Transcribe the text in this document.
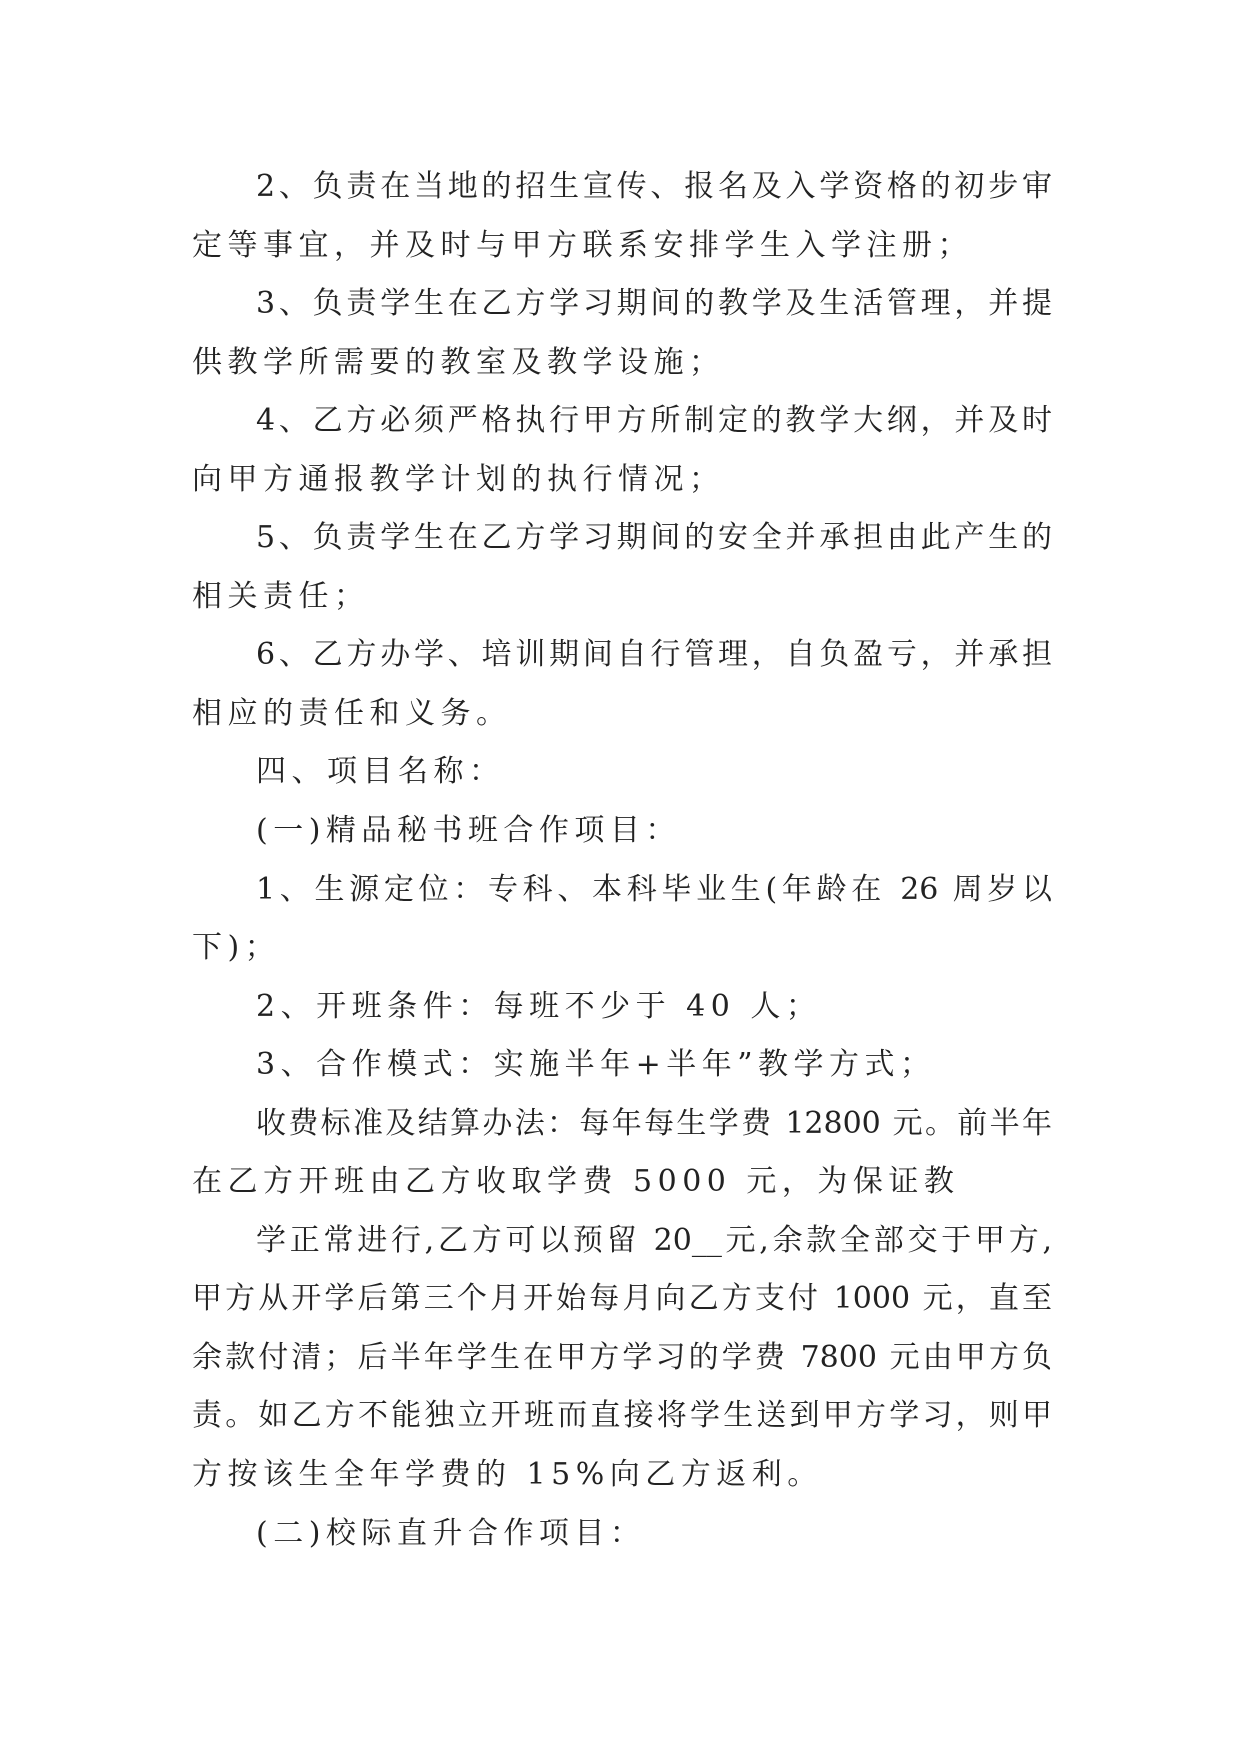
2、负责在当地的招生宣传、报名及入学资格的初步审
定等事宜，并及时与甲方联系安排学生入学注册；
3、负责学生在乙方学习期间的教学及生活管理，并提
供教学所需要的教室及教学设施；
4、乙方必须严格执行甲方所制定的教学大纲，并及时
向甲方通报教学计划的执行情况；
5、负责学生在乙方学习期间的安全并承担由此产生的
相关责任；
6、乙方办学、培训期间自行管理，自负盈亏，并承担
相应的责任和义务。
四、项目名称：
(一)精品秘书班合作项目：
1、生源定位：专科、本科毕业生(年龄在 26 周岁以
下)；
2、开班条件：每班不少于 40 人；
3、合作模式：实施半年+半年”教学方式；
收费标准及结算办法：每年每生学费 12800 元。前半年
在乙方开班由乙方收取学费 5000 元，为保证教
学正常进行,乙方可以预留 20__元,余款全部交于甲方,
甲方从开学后第三个月开始每月向乙方支付 1000 元，直至
余款付清；后半年学生在甲方学习的学费 7800 元由甲方负
责。如乙方不能独立开班而直接将学生送到甲方学习，则甲
方按该生全年学费的 15%向乙方返利。
(二)校际直升合作项目：
